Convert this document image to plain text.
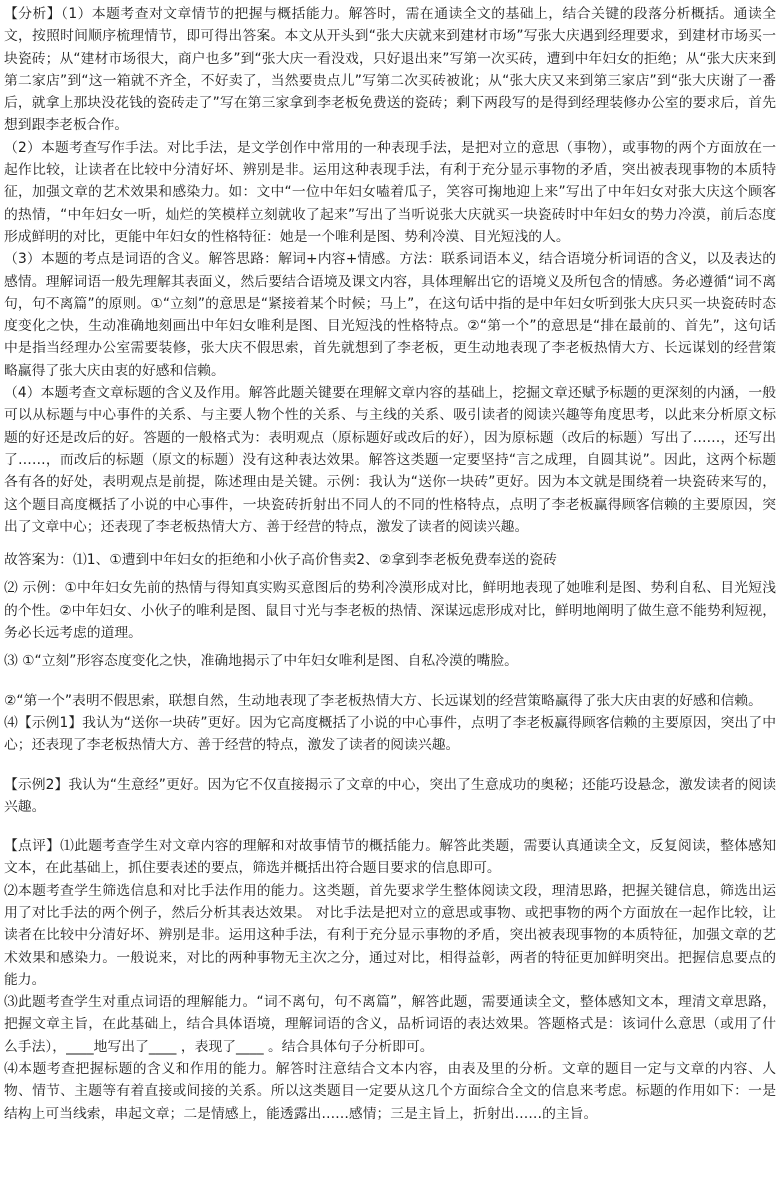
【分析】（1）本题考查对文章情节的把握与概括能力。解答时，需在通读全文的基础上，结合关键的段落分析概括。通读全文，按照时间顺序梳理情节，即可得出答案。本文从开头到“张大庆就来到建材市场”写张大庆遇到经理要求，到建材市场买一块瓷砖；从“建材市场很大，商户也多”到“张大庆一看没戏，只好退出来”写第一次买砖，遭到中年妇女的拒绝；从“张大庆来到第二家店”到“这一箱就不齐全，不好卖了，当然要贵点儿”写第二次买砖被讹；从“张大庆又来到第三家店”到“张大庆谢了一番后，就拿上那块没花钱的瓷砖走了”写在第三家拿到李老板免费送的瓷砖；剩下两段写的是得到经理装修办公室的要求后，首先想到跟李老板合作。

（2）本题考查写作手法。对比手法，是文学创作中常用的一种表现手法，是把对立的意思（事物），或事物的两个方面放在一起作比较，让读者在比较中分清好坏、辨别是非。运用这种表现手法，有利于充分显示事物的矛盾，突出被表现事物的本质特征，加强文章的艺术效果和感染力。如：文中“一位中年妇女嗑着瓜子，笑容可掬地迎上来”写出了中年妇女对张大庆这个顾客的热情，“中年妇女一听，灿烂的笑模样立刻就收了起来”写出了当听说张大庆就买一块瓷砖时中年妇女的势力冷漠，前后态度形成鲜明的对比，更能中年妇女的性格特征：她是一个唯利是图、势利冷漠、目光短浅的人。

（3）本题的考点是词语的含义。解答思路：解词+内容+情感。方法：联系词语本义，结合语境分析词语的含义，以及表达的感情。理解词语一般先理解其表面义，然后要结合语境及课文内容，具体理解出它的语境义及所包含的情感。务必遵循“词不离句，句不离篇”的原则。①“立刻”的意思是“紧接着某个时候；马上”，在这句话中指的是中年妇女听到张大庆只买一块瓷砖时态度变化之快，生动准确地刻画出中年妇女唯利是图、目光短浅的性格特点。②“第一个”的意思是“排在最前的、首先”，这句话中是指当经理办公室需要装修，张大庆不假思索，首先就想到了李老板，更生动地表现了李老板热情大方、长远谋划的经营策略赢得了张大庆由衷的好感和信赖。

（4）本题考查文章标题的含义及作用。解答此题关键要在理解文章内容的基础上，挖掘文章还赋予标题的更深刻的内涵，一般可以从标题与中心事件的关系、与主要人物个性的关系、与主线的关系、吸引读者的阅读兴趣等角度思考，以此来分析原文标题的好还是改后的好。答题的一般格式为：表明观点（原标题好或改后的好），因为原标题（改后的标题）写出了……，还写出了……，而改后的标题（原文的标题）没有这种表达效果。解答这类题一定要坚持“言之成理，自圆其说”。因此，这两个标题各有各的好处，表明观点是前提，陈述理由是关键。示例：我认为“送你一块砖”更好。因为本文就是围绕着一块瓷砖来写的，这个题目高度概括了小说的中心事件，一块瓷砖折射出不同人的不同的性格特点，点明了李老板赢得顾客信赖的主要原因，突出了文章中心；还表现了李老板热情大方、善于经营的特点，激发了读者的阅读兴趣。

故答案为：⑴1、①遭到中年妇女的拒绝和小伙子高价售卖2、②拿到李老板免费奉送的瓷砖

⑵ 示例：①中年妇女先前的热情与得知真实购买意图后的势利冷漠形成对比，鲜明地表现了她唯利是图、势利自私、目光短浅的个性。②中年妇女、小伙子的唯利是图、鼠目寸光与李老板的热情、深谋远虑形成对比，鲜明地阐明了做生意不能势利短视，务必长远考虑的道理。

⑶ ①“立刻”形容态度变化之快，准确地揭示了中年妇女唯利是图、自私冷漠的嘴脸。

②“第一个”表明不假思索，联想自然，生动地表现了李老板热情大方、长远谋划的经营策略赢得了张大庆由衷的好感和信赖。

⑷【示例1】我认为“送你一块砖”更好。因为它高度概括了小说的中心事件，点明了李老板赢得顾客信赖的主要原因，突出了中心；还表现了李老板热情大方、善于经营的特点，激发了读者的阅读兴趣。

【示例2】我认为“生意经”更好。因为它不仅直接揭示了文章的中心，突出了生意成功的奥秘；还能巧设悬念，激发读者的阅读兴趣。

【点评】⑴此题考查学生对文章内容的理解和对故事情节的概括能力。解答此类题，需要认真通读全文，反复阅读，整体感知文本，在此基础上，抓住要表述的要点，筛选并概括出符合题目要求的信息即可。

⑵本题考查学生筛选信息和对比手法作用的能力。这类题，首先要求学生整体阅读文段，理清思路，把握关键信息，筛选出运用了对比手法的两个例子，然后分析其表达效果。 对比手法是把对立的意思或事物、或把事物的两个方面放在一起作比较，让读者在比较中分清好坏、辨别是非。运用这种手法，有利于充分显示事物的矛盾，突出被表现事物的本质特征，加强文章的艺术效果和感染力。一般说来，对比的两种事物无主次之分，通过对比，相得益彰，两者的特征更加鲜明突出。把握信息要点的能力。

⑶此题考查学生对重点词语的理解能力。“词不离句，句不离篇”，解答此题，需要通读全文，整体感知文本，理清文章思路，把握文章主旨，在此基础上，结合具体语境，理解词语的含义，品析词语的表达效果。答题格式是：该词什么意思（或用了什么手法），____地写出了____ ，表现了____ 。结合具体句子分析即可。

⑷本题考查把握标题的含义和作用的能力。解答时注意结合文本内容，由表及里的分析。文章的题目一定与文章的内容、人物、情节、主题等有着直接或间接的关系。所以这类题目一定要从这几个方面综合全文的信息来考虑。标题的作用如下：一是结构上可当线索，串起文章；二是情感上，能透露出……感情；三是主旨上，折射出……的主旨。
